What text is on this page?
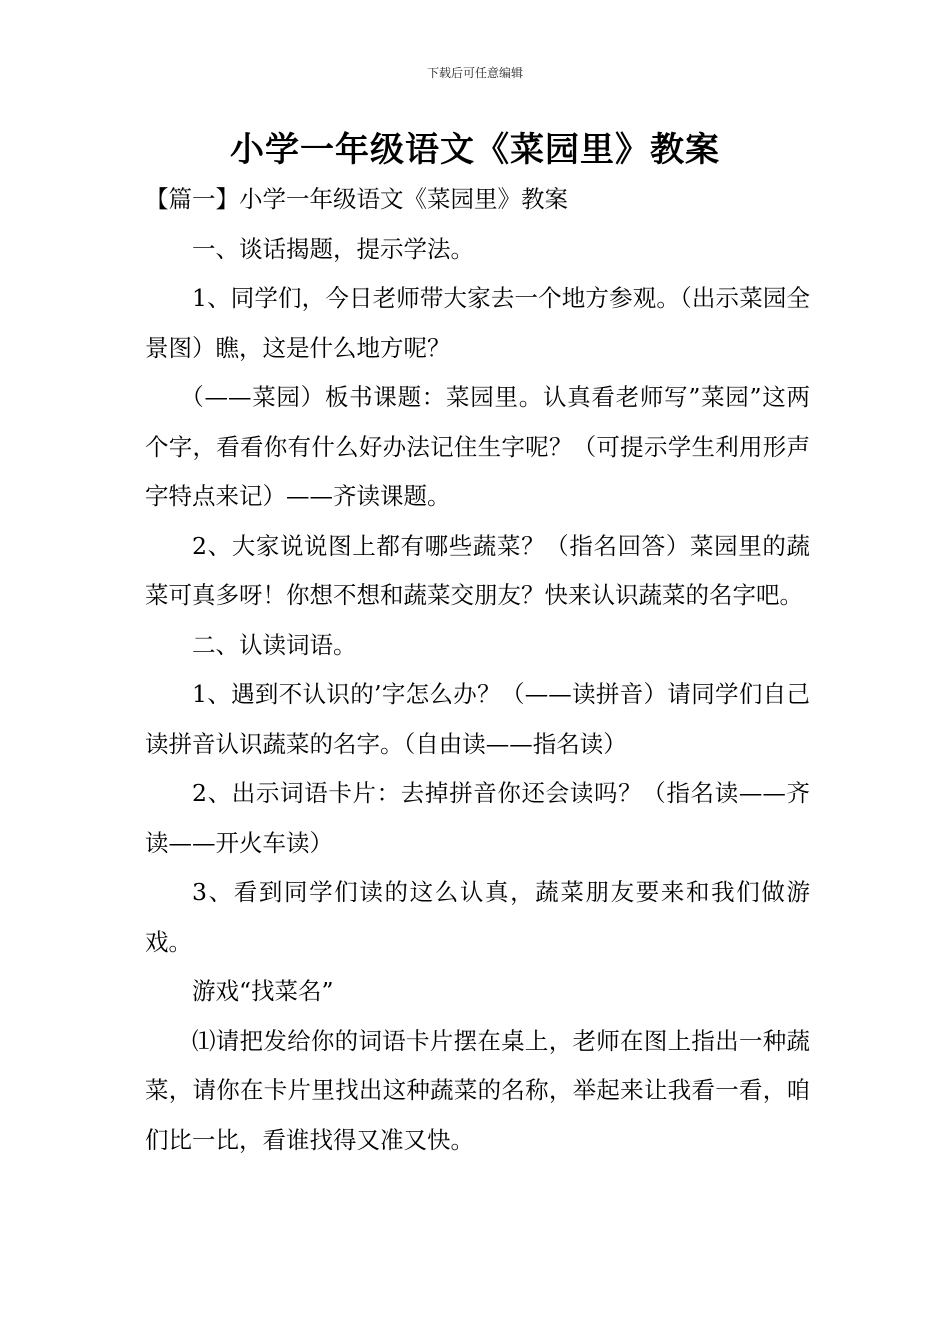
下载后可任意编辑
小学一年级语文《菜园里》教案

【篇一】小学一年级语文《菜园里》教案

一、谈话揭题，提示学法。

1、同学们，今日老师带大家去一个地方参观。（出示菜园全景图）瞧，这是什么地方呢？

（——菜园）板书课题：菜园里。认真看老师写”菜园”这两个字，看看你有什么好办法记住生字呢？（可提示学生利用形声字特点来记）——齐读课题。

2、大家说说图上都有哪些蔬菜？（指名回答）菜园里的蔬菜可真多呀！你想不想和蔬菜交朋友？快来认识蔬菜的名字吧。

二、认读词语。

1、遇到不认识的’字怎么办？（——读拼音）请同学们自己读拼音认识蔬菜的名字。（自由读——指名读）

2、出示词语卡片：去掉拼音你还会读吗？（指名读——齐读——开火车读）

3、看到同学们读的这么认真，蔬菜朋友要来和我们做游戏。

游戏“找菜名”

⑴请把发给你的词语卡片摆在桌上，老师在图上指出一种蔬菜，请你在卡片里找出这种蔬菜的名称，举起来让我看一看，咱们比一比，看谁找得又准又快。
